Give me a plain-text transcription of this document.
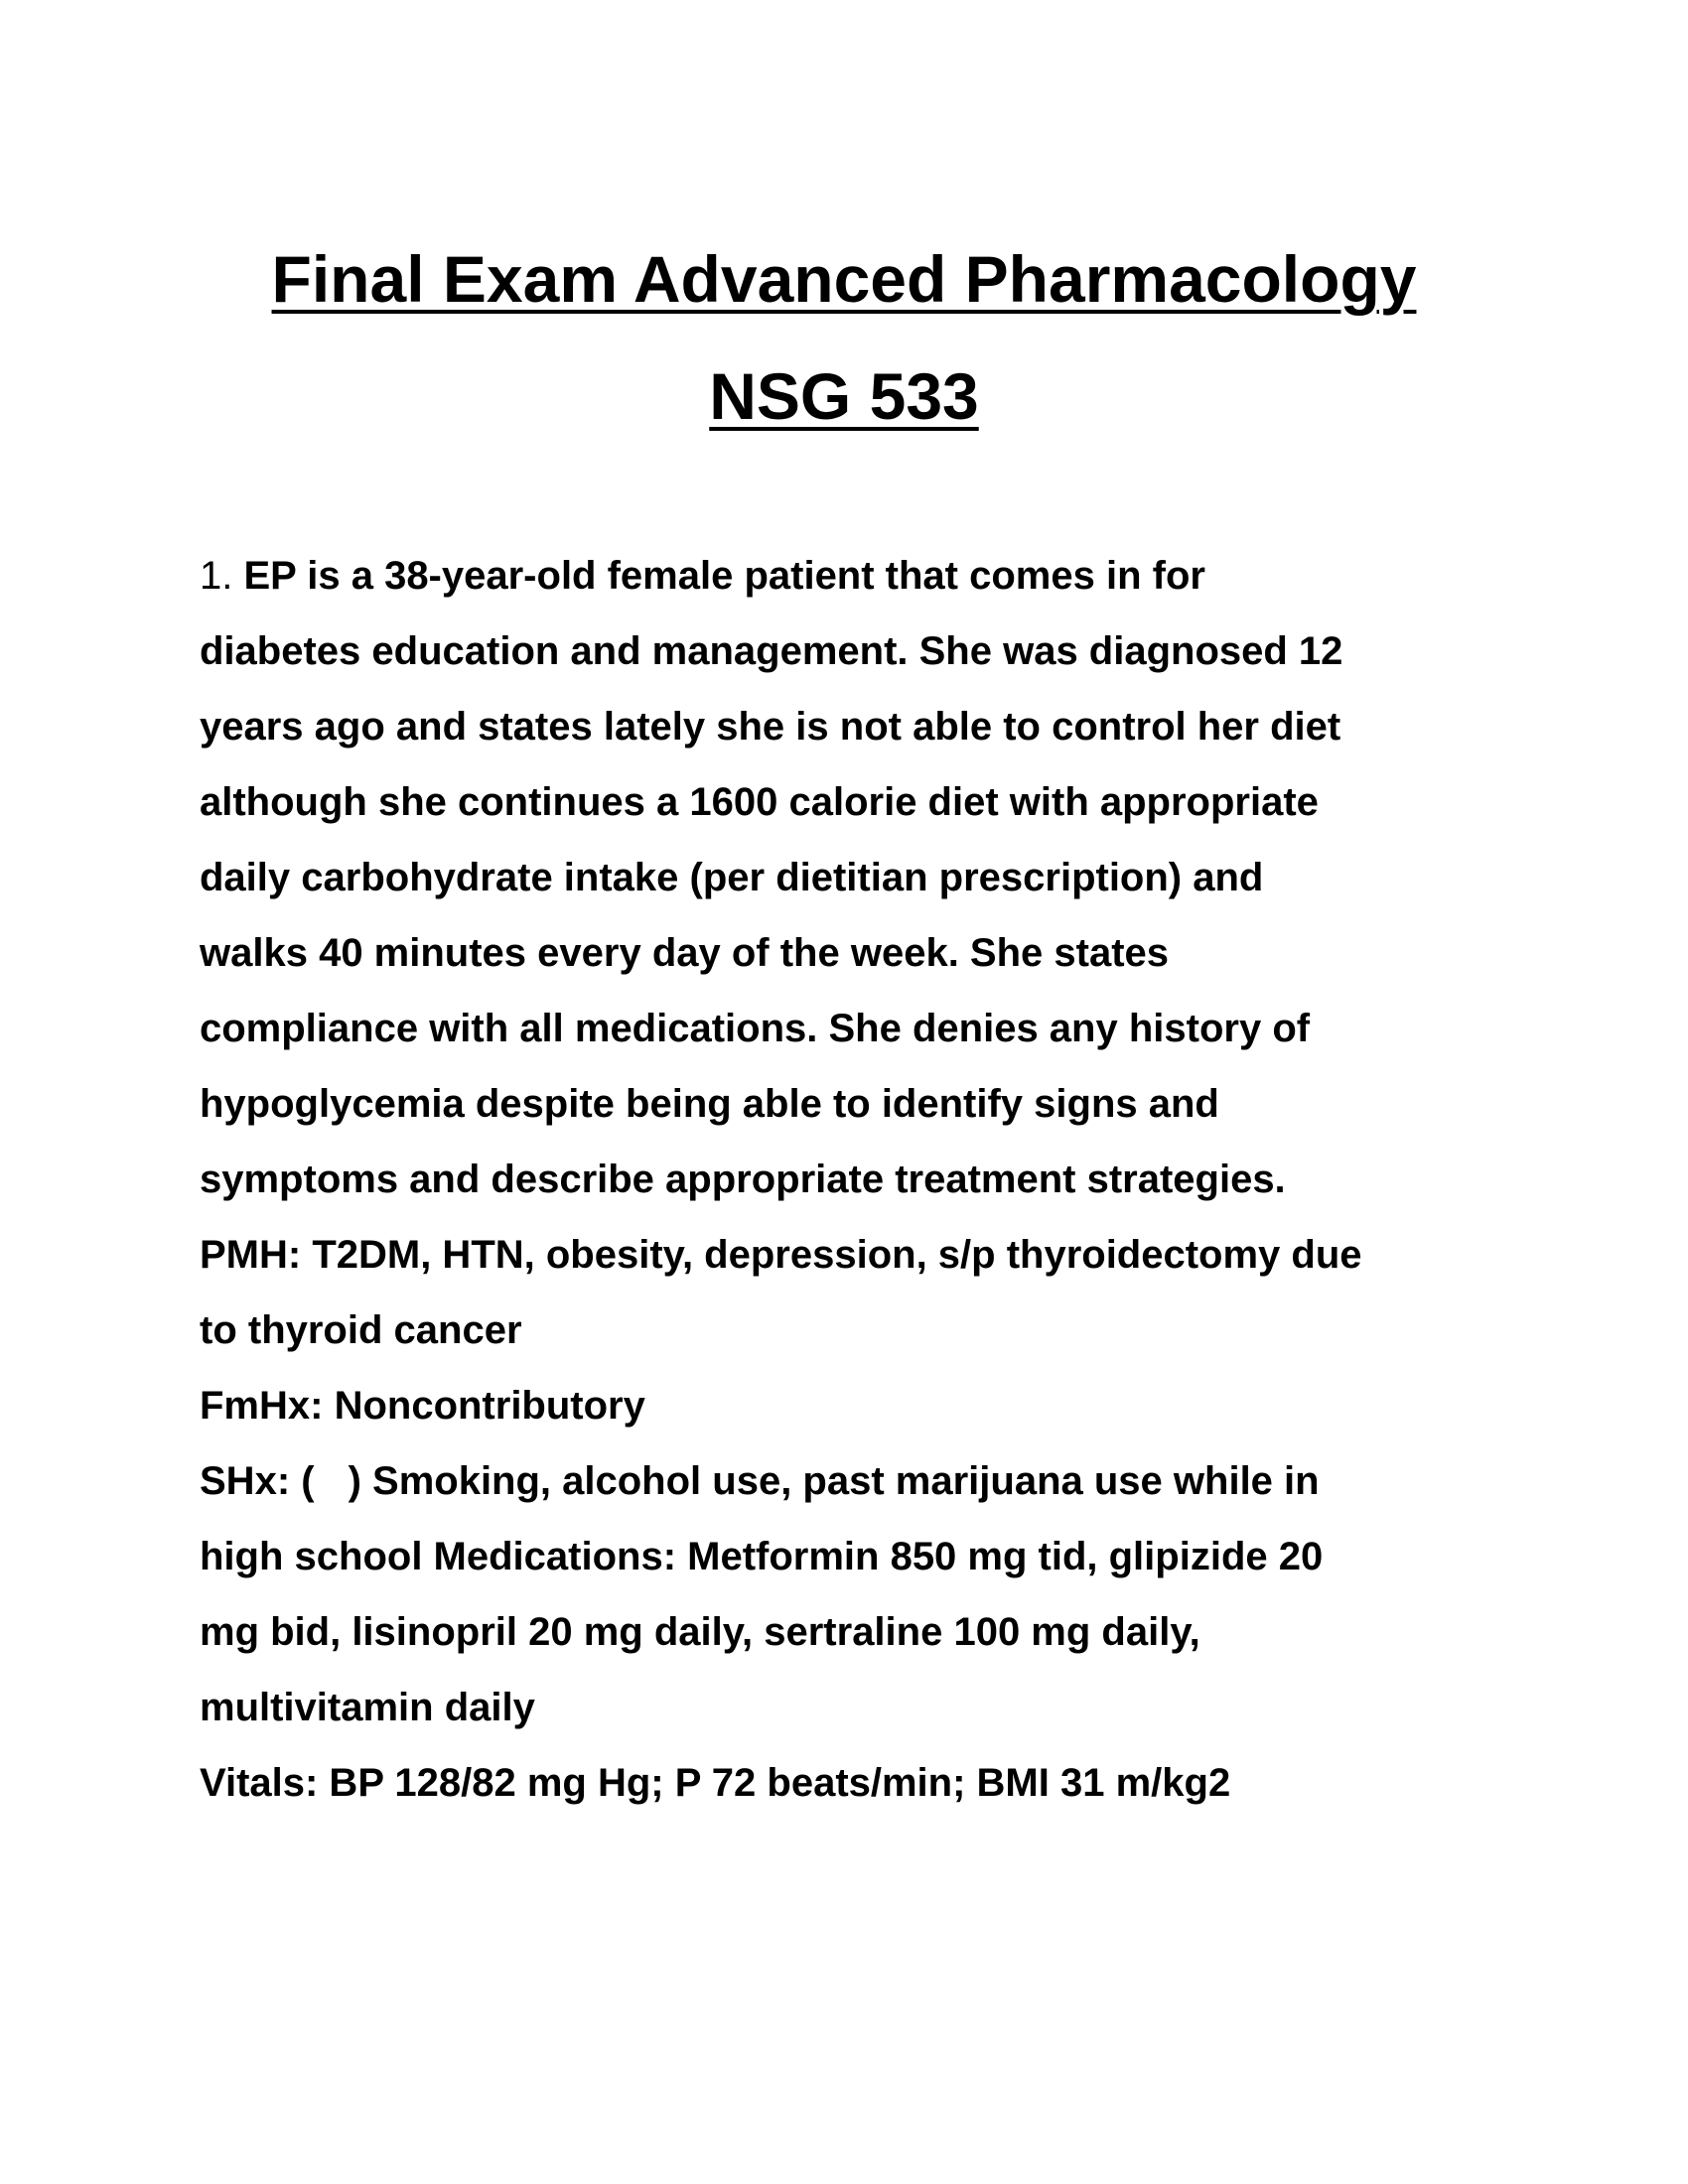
Final Exam Advanced Pharmacology
NSG 533
1. EP is a 38-year-old female patient that comes in for
diabetes education and management. She was diagnosed 12
years ago and states lately she is not able to control her diet
although she continues a 1600 calorie diet with appropriate
daily carbohydrate intake (per dietitian prescription) and
walks 40 minutes every day of the week. She states
compliance with all medications. She denies any history of
hypoglycemia despite being able to identify signs and
symptoms and describe appropriate treatment strategies.
PMH: T2DM, HTN, obesity, depression, s/p thyroidectomy due
to thyroid cancer
FmHx: Noncontributory
SHx: ( ) Smoking, alcohol use, past marijuana use while in
high school Medications: Metformin 850 mg tid, glipizide 20
mg bid, lisinopril 20 mg daily, sertraline 100 mg daily,
multivitamin daily
Vitals: BP 128/82 mg Hg; P 72 beats/min; BMI 31 m/kg2
